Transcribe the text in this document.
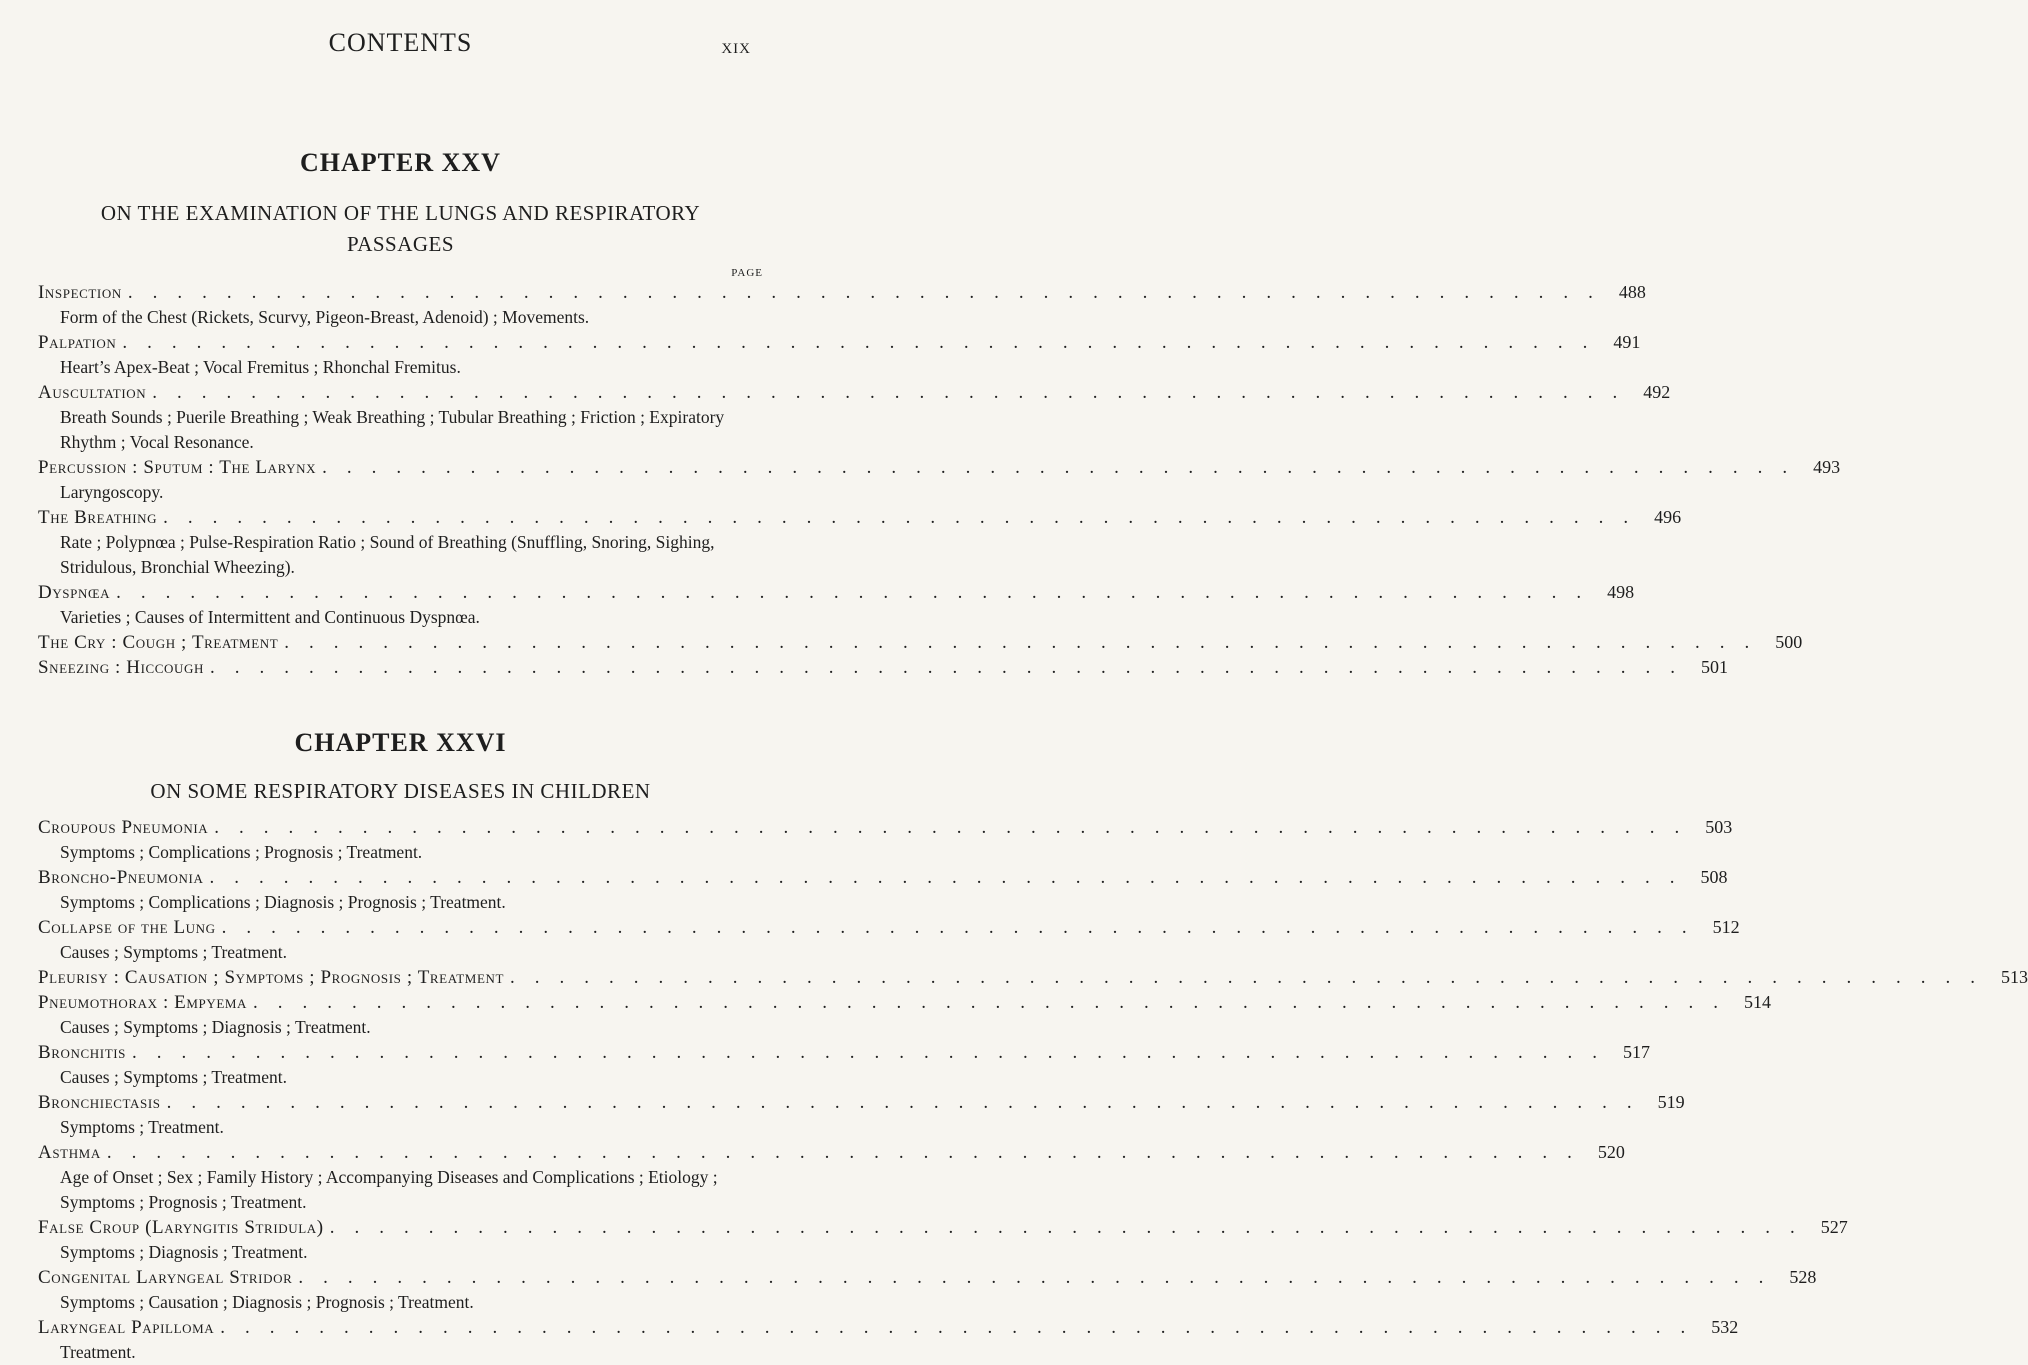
CONTENTS	xix
CHAPTER XXV
ON THE EXAMINATION OF THE LUNGS AND RESPIRATORY PASSAGES
PAGE
Inspection ............................................................ 488
Form of the Chest (Rickets, Scurvy, Pigeon-Breast, Adenoid) ; Movements.
Palpation ............................................................ 491
Heart’s Apex-Beat ; Vocal Fremitus ; Rhonchal Fremitus.
Auscultation ............................................................ 492
Breath Sounds ; Puerile Breathing ; Weak Breathing ; Tubular Breathing ; Friction ; Expiratory Rhythm ; Vocal Resonance.
Percussion : Sputum : The Larynx ............................................................ 493
Laryngoscopy.
The Breathing ............................................................ 496
Rate ; Polypnœa ; Pulse-Respiration Ratio ; Sound of Breathing (Snuffling, Snoring, Sighing, Stridulous, Bronchial Wheezing).
Dyspnœa ............................................................ 498
Varieties ; Causes of Intermittent and Continuous Dyspnœa.
The Cry : Cough ; Treatment ............................................................ 500
Sneezing : Hiccough ............................................................ 501
CHAPTER XXVI
ON SOME RESPIRATORY DISEASES IN CHILDREN
Croupous Pneumonia ............................................................ 503
Symptoms ; Complications ; Prognosis ; Treatment.
Broncho-Pneumonia ............................................................ 508
Symptoms ; Complications ; Diagnosis ; Prognosis ; Treatment.
Collapse of the Lung ............................................................ 512
Causes ; Symptoms ; Treatment.
Pleurisy : Causation ; Symptoms ; Prognosis ; Treatment ............................................................ 513
Pneumothorax : Empyema ............................................................ 514
Causes ; Symptoms ; Diagnosis ; Treatment.
Bronchitis ............................................................ 517
Causes ; Symptoms ; Treatment.
Bronchiectasis ............................................................ 519
Symptoms ; Treatment.
Asthma ............................................................ 520
Age of Onset ; Sex ; Family History ; Accompanying Diseases and Complications ; Etiology ; Symptoms ; Prognosis ; Treatment.
False Croup (Laryngitis Stridula) ............................................................ 527
Symptoms ; Diagnosis ; Treatment.
Congenital Laryngeal Stridor ............................................................ 528
Symptoms ; Causation ; Diagnosis ; Prognosis ; Treatment.
Laryngeal Papilloma ............................................................ 532
Treatment.
